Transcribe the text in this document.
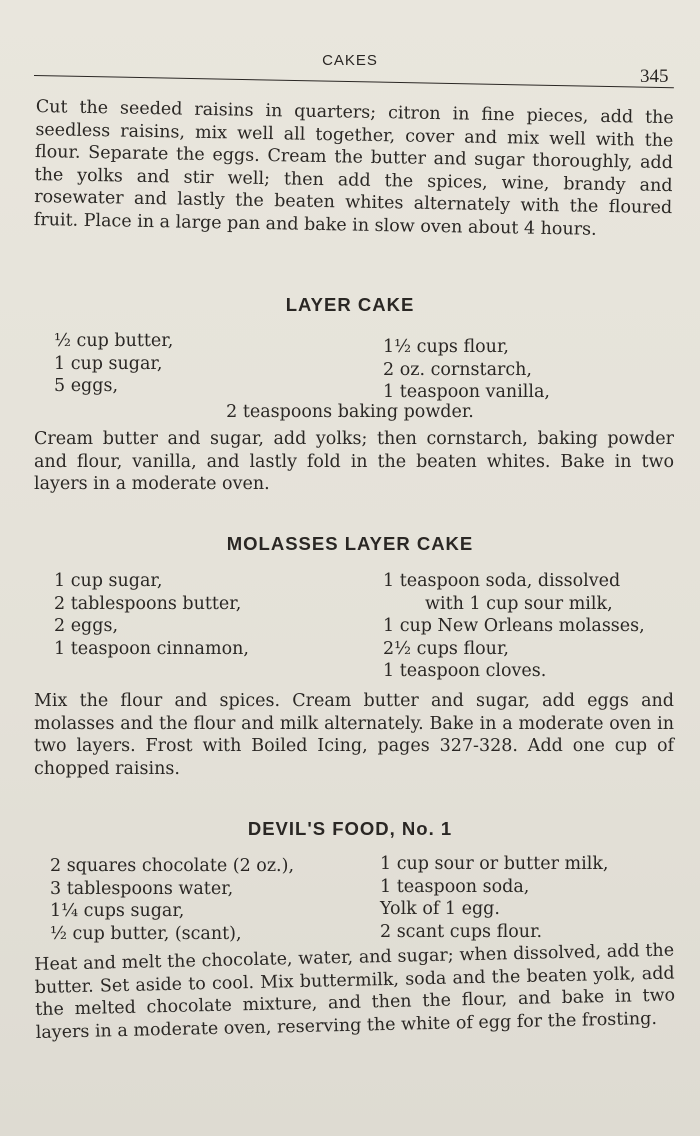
CAKES
345
Cut the seeded raisins in quarters; citron in fine pieces, add the seedless raisins, mix well all together, cover and mix well with the flour. Separate the eggs. Cream the butter and sugar thoroughly, add the yolks and stir well; then add the spices, wine, brandy and rosewater and lastly the beaten whites alternately with the floured fruit. Place in a large pan and bake in slow oven about 4 hours.
LAYER CAKE
½ cup butter,
1 cup sugar,
5 eggs,
1½ cups flour,
2 oz. cornstarch,
1 teaspoon vanilla,
2 teaspoons baking powder.
Cream butter and sugar, add yolks; then cornstarch, baking powder and flour, vanilla, and lastly fold in the beaten whites. Bake in two layers in a moderate oven.
MOLASSES LAYER CAKE
1 cup sugar,
2 tablespoons butter,
2 eggs,
1 teaspoon cinnamon,
1 teaspoon soda, dissolved
with 1 cup sour milk,
1 cup New Orleans molasses,
2½ cups flour,
1 teaspoon cloves.
Mix the flour and spices. Cream butter and sugar, add eggs and molasses and the flour and milk alternately. Bake in a moderate oven in two layers. Frost with Boiled Icing, pages 327-328. Add one cup of chopped raisins.
DEVIL'S FOOD, No. 1
2 squares chocolate (2 oz.),
3 tablespoons water,
1¼ cups sugar,
½ cup butter, (scant),
1 cup sour or butter milk,
1 teaspoon soda,
Yolk of 1 egg.
2 scant cups flour.
Heat and melt the chocolate, water, and sugar; when dissolved, add the butter. Set aside to cool. Mix buttermilk, soda and the beaten yolk, add the melted chocolate mixture, and then the flour, and bake in two layers in a moderate oven, reserving the white of egg for the frosting.
